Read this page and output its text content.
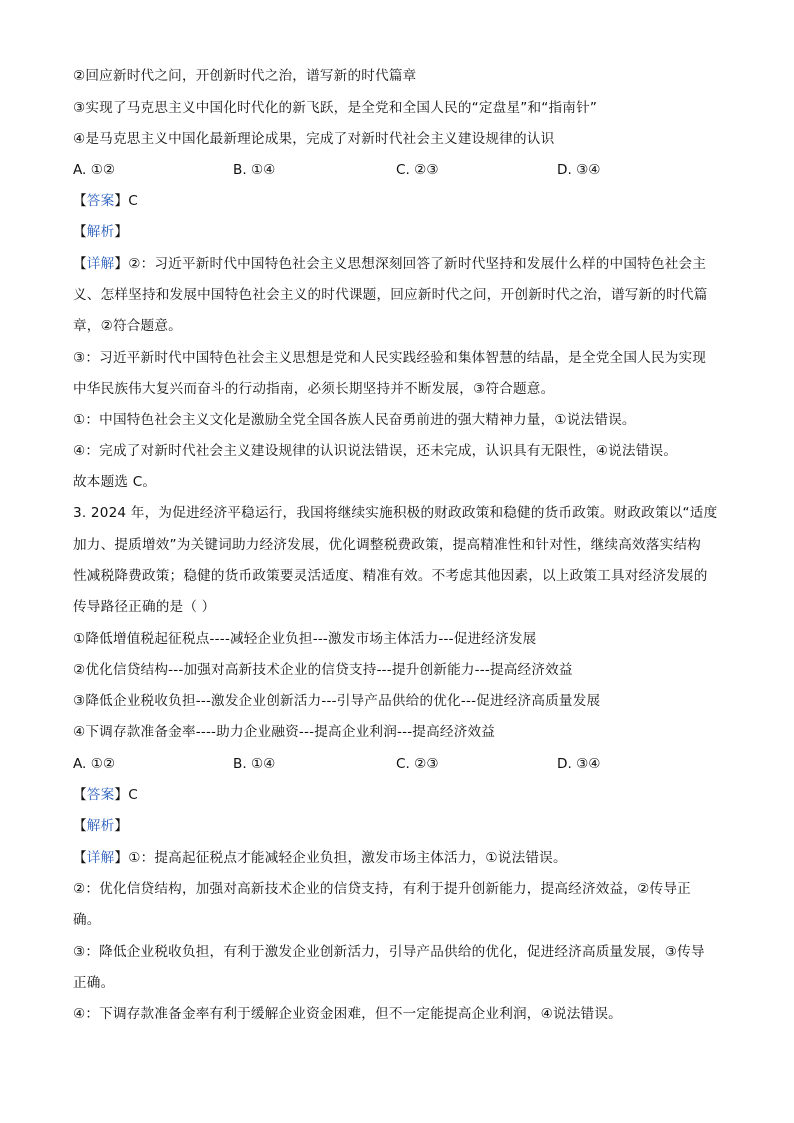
②回应新时代之问，开创新时代之治，谱写新的时代篇章
③实现了马克思主义中国化时代化的新飞跃，是全党和全国人民的“定盘星”和“指南针”
④是马克思主义中国化最新理论成果，完成了对新时代社会主义建设规律的认识
A. ①②	B. ①④	C. ②③	D. ③④
【答案】C
【解析】
【详解】②：习近平新时代中国特色社会主义思想深刻回答了新时代坚持和发展什么样的中国特色社会主
义、怎样坚持和发展中国特色社会主义的时代课题，回应新时代之问，开创新时代之治，谱写新的时代篇
章，②符合题意。
③：习近平新时代中国特色社会主义思想是党和人民实践经验和集体智慧的结晶，是全党全国人民为实现
中华民族伟大复兴而奋斗的行动指南，必须长期坚持并不断发展，③符合题意。
①：中国特色社会主义文化是激励全党全国各族人民奋勇前进的强大精神力量，①说法错误。
④：完成了对新时代社会主义建设规律的认识说法错误，还未完成，认识具有无限性，④说法错误。
故本题选 C。
3. 2024 年，为促进经济平稳运行，我国将继续实施积极的财政政策和稳健的货币政策。财政政策以“适度
加力、提质增效”为关键词助力经济发展，优化调整税费政策，提高精准性和针对性，继续高效落实结构
性减税降费政策；稳健的货币政策要灵活适度、精准有效。不考虑其他因素，以上政策工具对经济发展的
传导路径正确的是（ ）
①降低增值税起征税点----减轻企业负担---激发市场主体活力---促进经济发展
②优化信贷结构---加强对高新技术企业的信贷支持---提升创新能力---提高经济效益
③降低企业税收负担---激发企业创新活力---引导产品供给的优化---促进经济高质量发展
④下调存款准备金率----助力企业融资---提高企业利润---提高经济效益
A. ①②	B. ①④	C. ②③	D. ③④
【答案】C
【解析】
【详解】①：提高起征税点才能减轻企业负担，激发市场主体活力，①说法错误。
②：优化信贷结构，加强对高新技术企业的信贷支持，有利于提升创新能力，提高经济效益，②传导正
确。
③：降低企业税收负担，有利于激发企业创新活力，引导产品供给的优化，促进经济高质量发展，③传导
正确。
④：下调存款准备金率有利于缓解企业资金困难，但不一定能提高企业利润，④说法错误。
